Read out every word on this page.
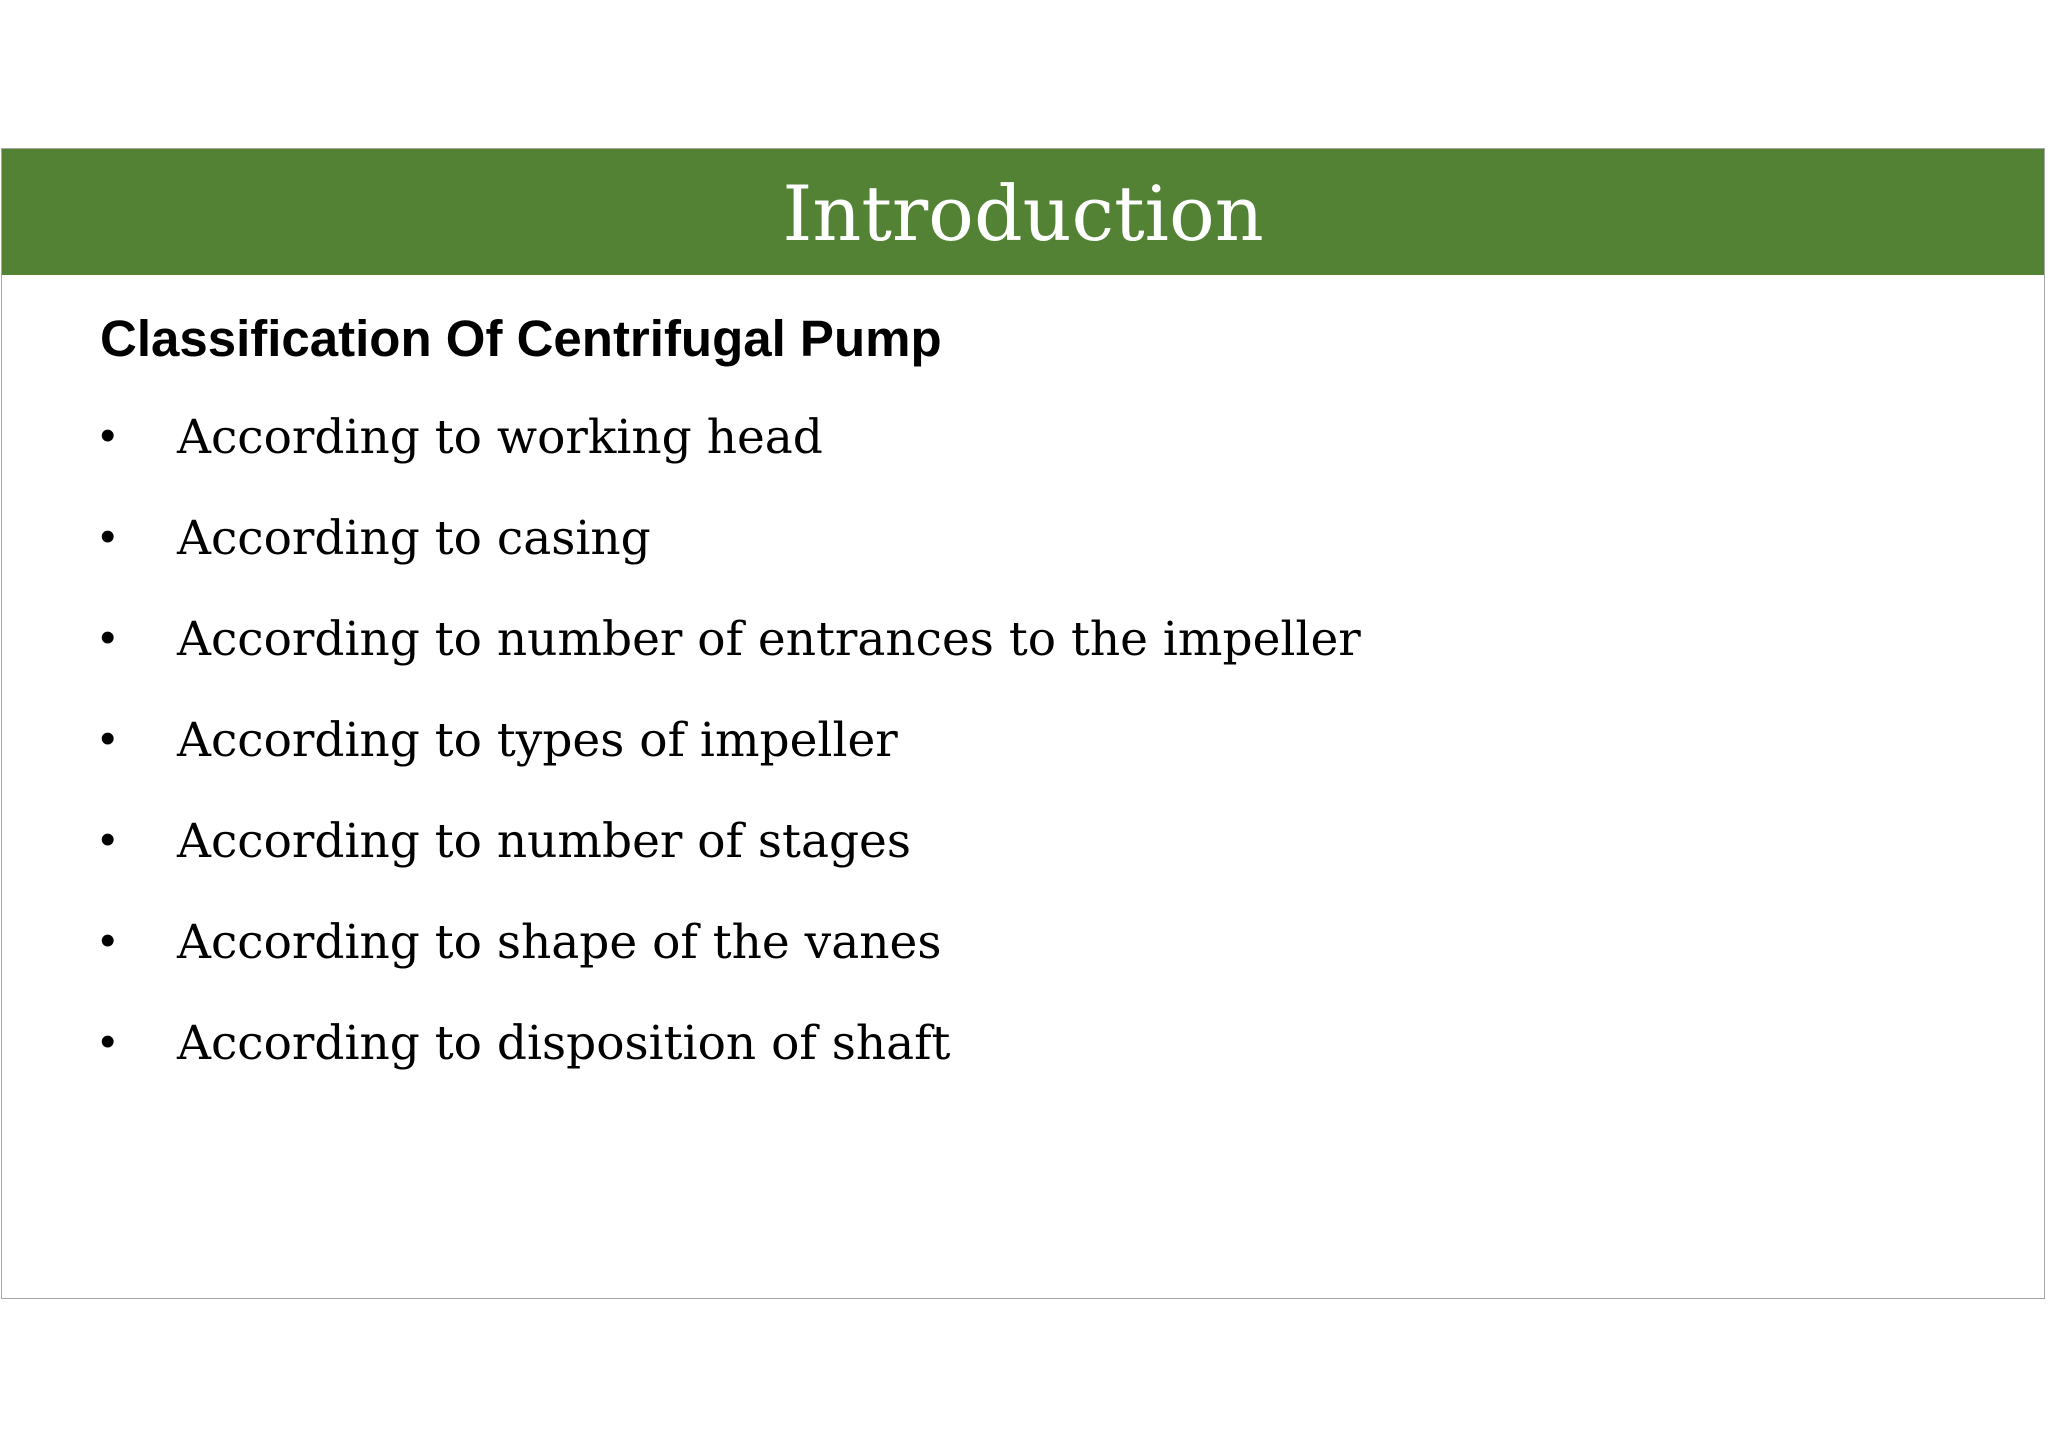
Introduction
Classification Of Centrifugal Pump
•	According to working head
•	According to casing
•	According to number of entrances to the impeller
•	According to types of impeller
•	According to number of stages
•	According to shape of the vanes
•	According to disposition of shaft
